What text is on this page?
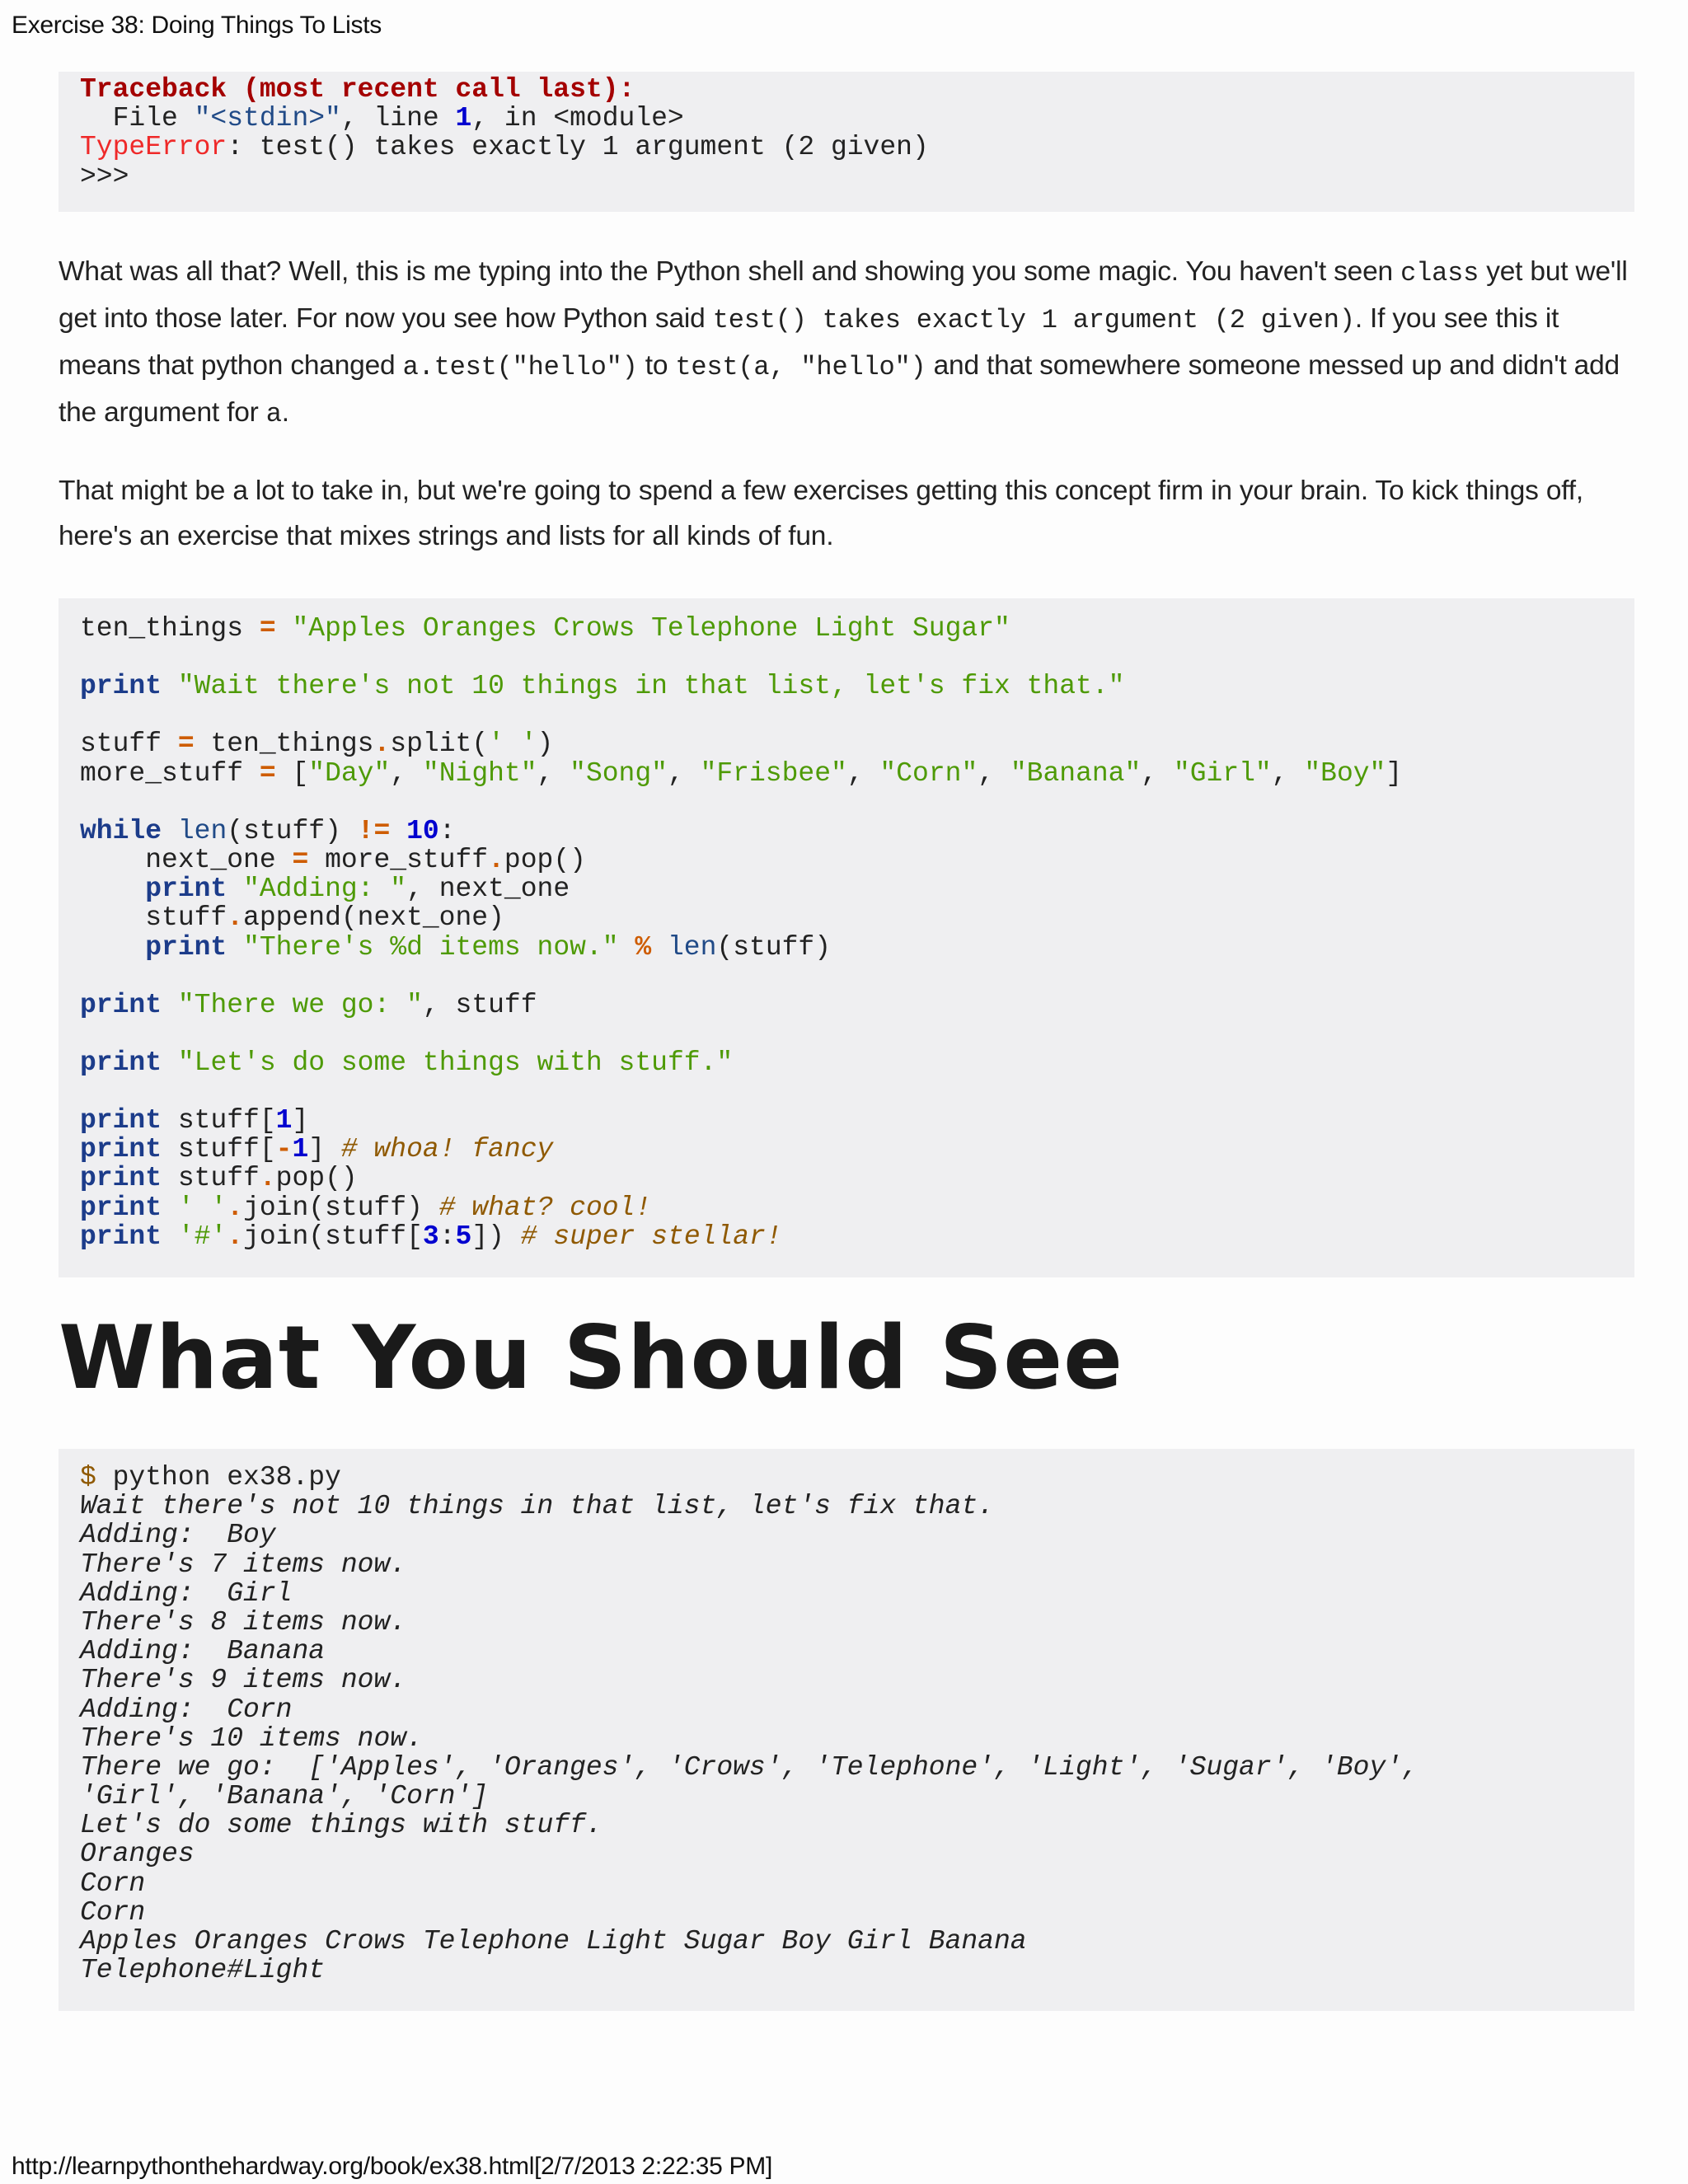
Exercise 38: Doing Things To Lists
Traceback (most recent call last):
File "<stdin>", line 1, in <module>
TypeError: test() takes exactly 1 argument (2 given)
>>>

What was all that? Well, this is me typing into the Python shell and showing you some magic. You haven't seen class yet but we'll get into those later. For now you see how Python said test() takes exactly 1 argument (2 given). If you see this it means that python changed a.test("hello") to test(a, "hello") and that somewhere someone messed up and didn't add the argument for a.

That might be a lot to take in, but we're going to spend a few exercises getting this concept firm in your brain. To kick things off, here's an exercise that mixes strings and lists for all kinds of fun.

ten_things = "Apples Oranges Crows Telephone Light Sugar"
print "Wait there's not 10 things in that list, let's fix that."
stuff = ten_things.split(' ')
more_stuff = ["Day", "Night", "Song", "Frisbee", "Corn", "Banana", "Girl", "Boy"]
while len(stuff) != 10:
next_one = more_stuff.pop()
print "Adding: ", next_one
stuff.append(next_one)
print "There's %d items now." % len(stuff)
print "There we go: ", stuff
print "Let's do some things with stuff."
print stuff[1]
print stuff[-1] # whoa! fancy
print stuff.pop()
print ' '.join(stuff) # what? cool!
print '#'.join(stuff[3:5]) # super stellar!
What You Should See
$ python ex38.py
Wait there's not 10 things in that list, let's fix that.
Adding:  Boy
There's 7 items now.
Adding:  Girl
There's 8 items now.
Adding:  Banana
There's 9 items now.
Adding:  Corn
There's 10 items now.
There we go:  ['Apples', 'Oranges', 'Crows', 'Telephone', 'Light', 'Sugar', 'Boy',
'Girl', 'Banana', 'Corn']
Let's do some things with stuff.
Oranges
Corn
Corn
Apples Oranges Crows Telephone Light Sugar Boy Girl Banana
Telephone#Light
http://learnpythonthehardway.org/book/ex38.html[2/7/2013 2:22:35 PM]
